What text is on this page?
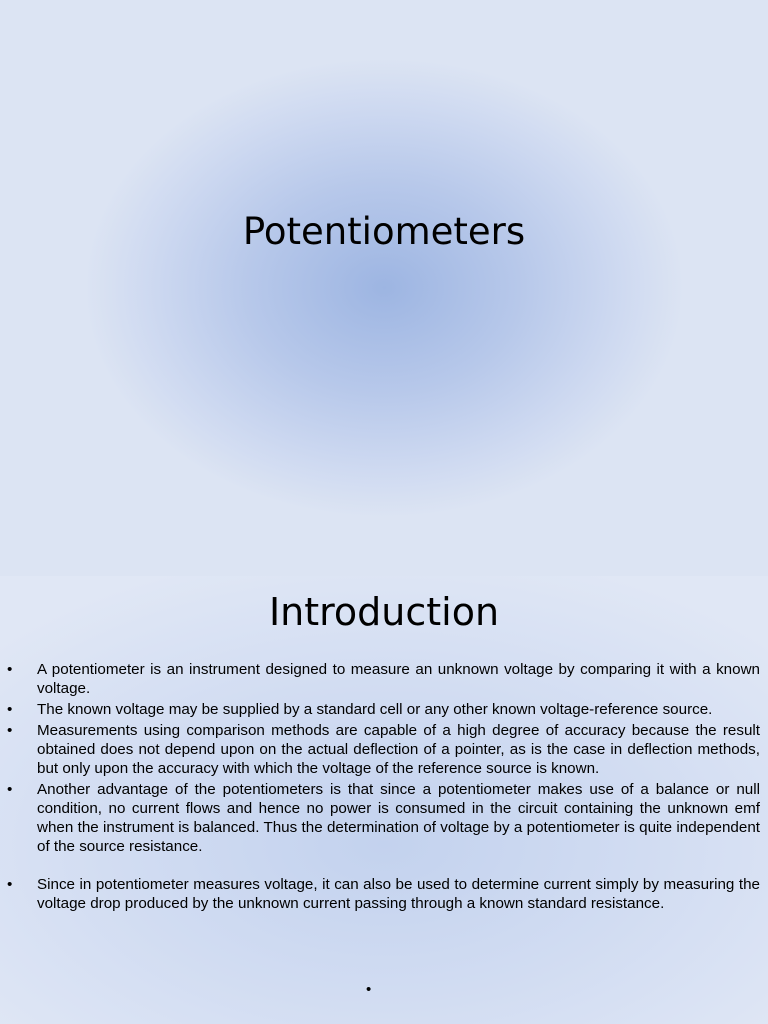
Potentiometers
Introduction
• A potentiometer is an instrument designed to measure an unknown voltage by comparing it with a known voltage.
• The known voltage may be supplied by a standard cell or any other known voltage-reference source.
• Measurements using comparison methods are capable of a high degree of accuracy because the result obtained does not depend upon on the actual deflection of a pointer, as is the case in deflection methods, but only upon the accuracy with which the voltage of the reference source is known.
• Another advantage of the potentiometers is that since a potentiometer makes use of a balance or null condition, no current flows and hence no power is consumed in the circuit containing the unknown emf when the instrument is balanced. Thus the determination of voltage by a potentiometer is quite independent of the source resistance.
• Since in potentiometer measures voltage, it can also be used to determine current simply by measuring the voltage drop produced by the unknown current passing through a known standard resistance.
•
